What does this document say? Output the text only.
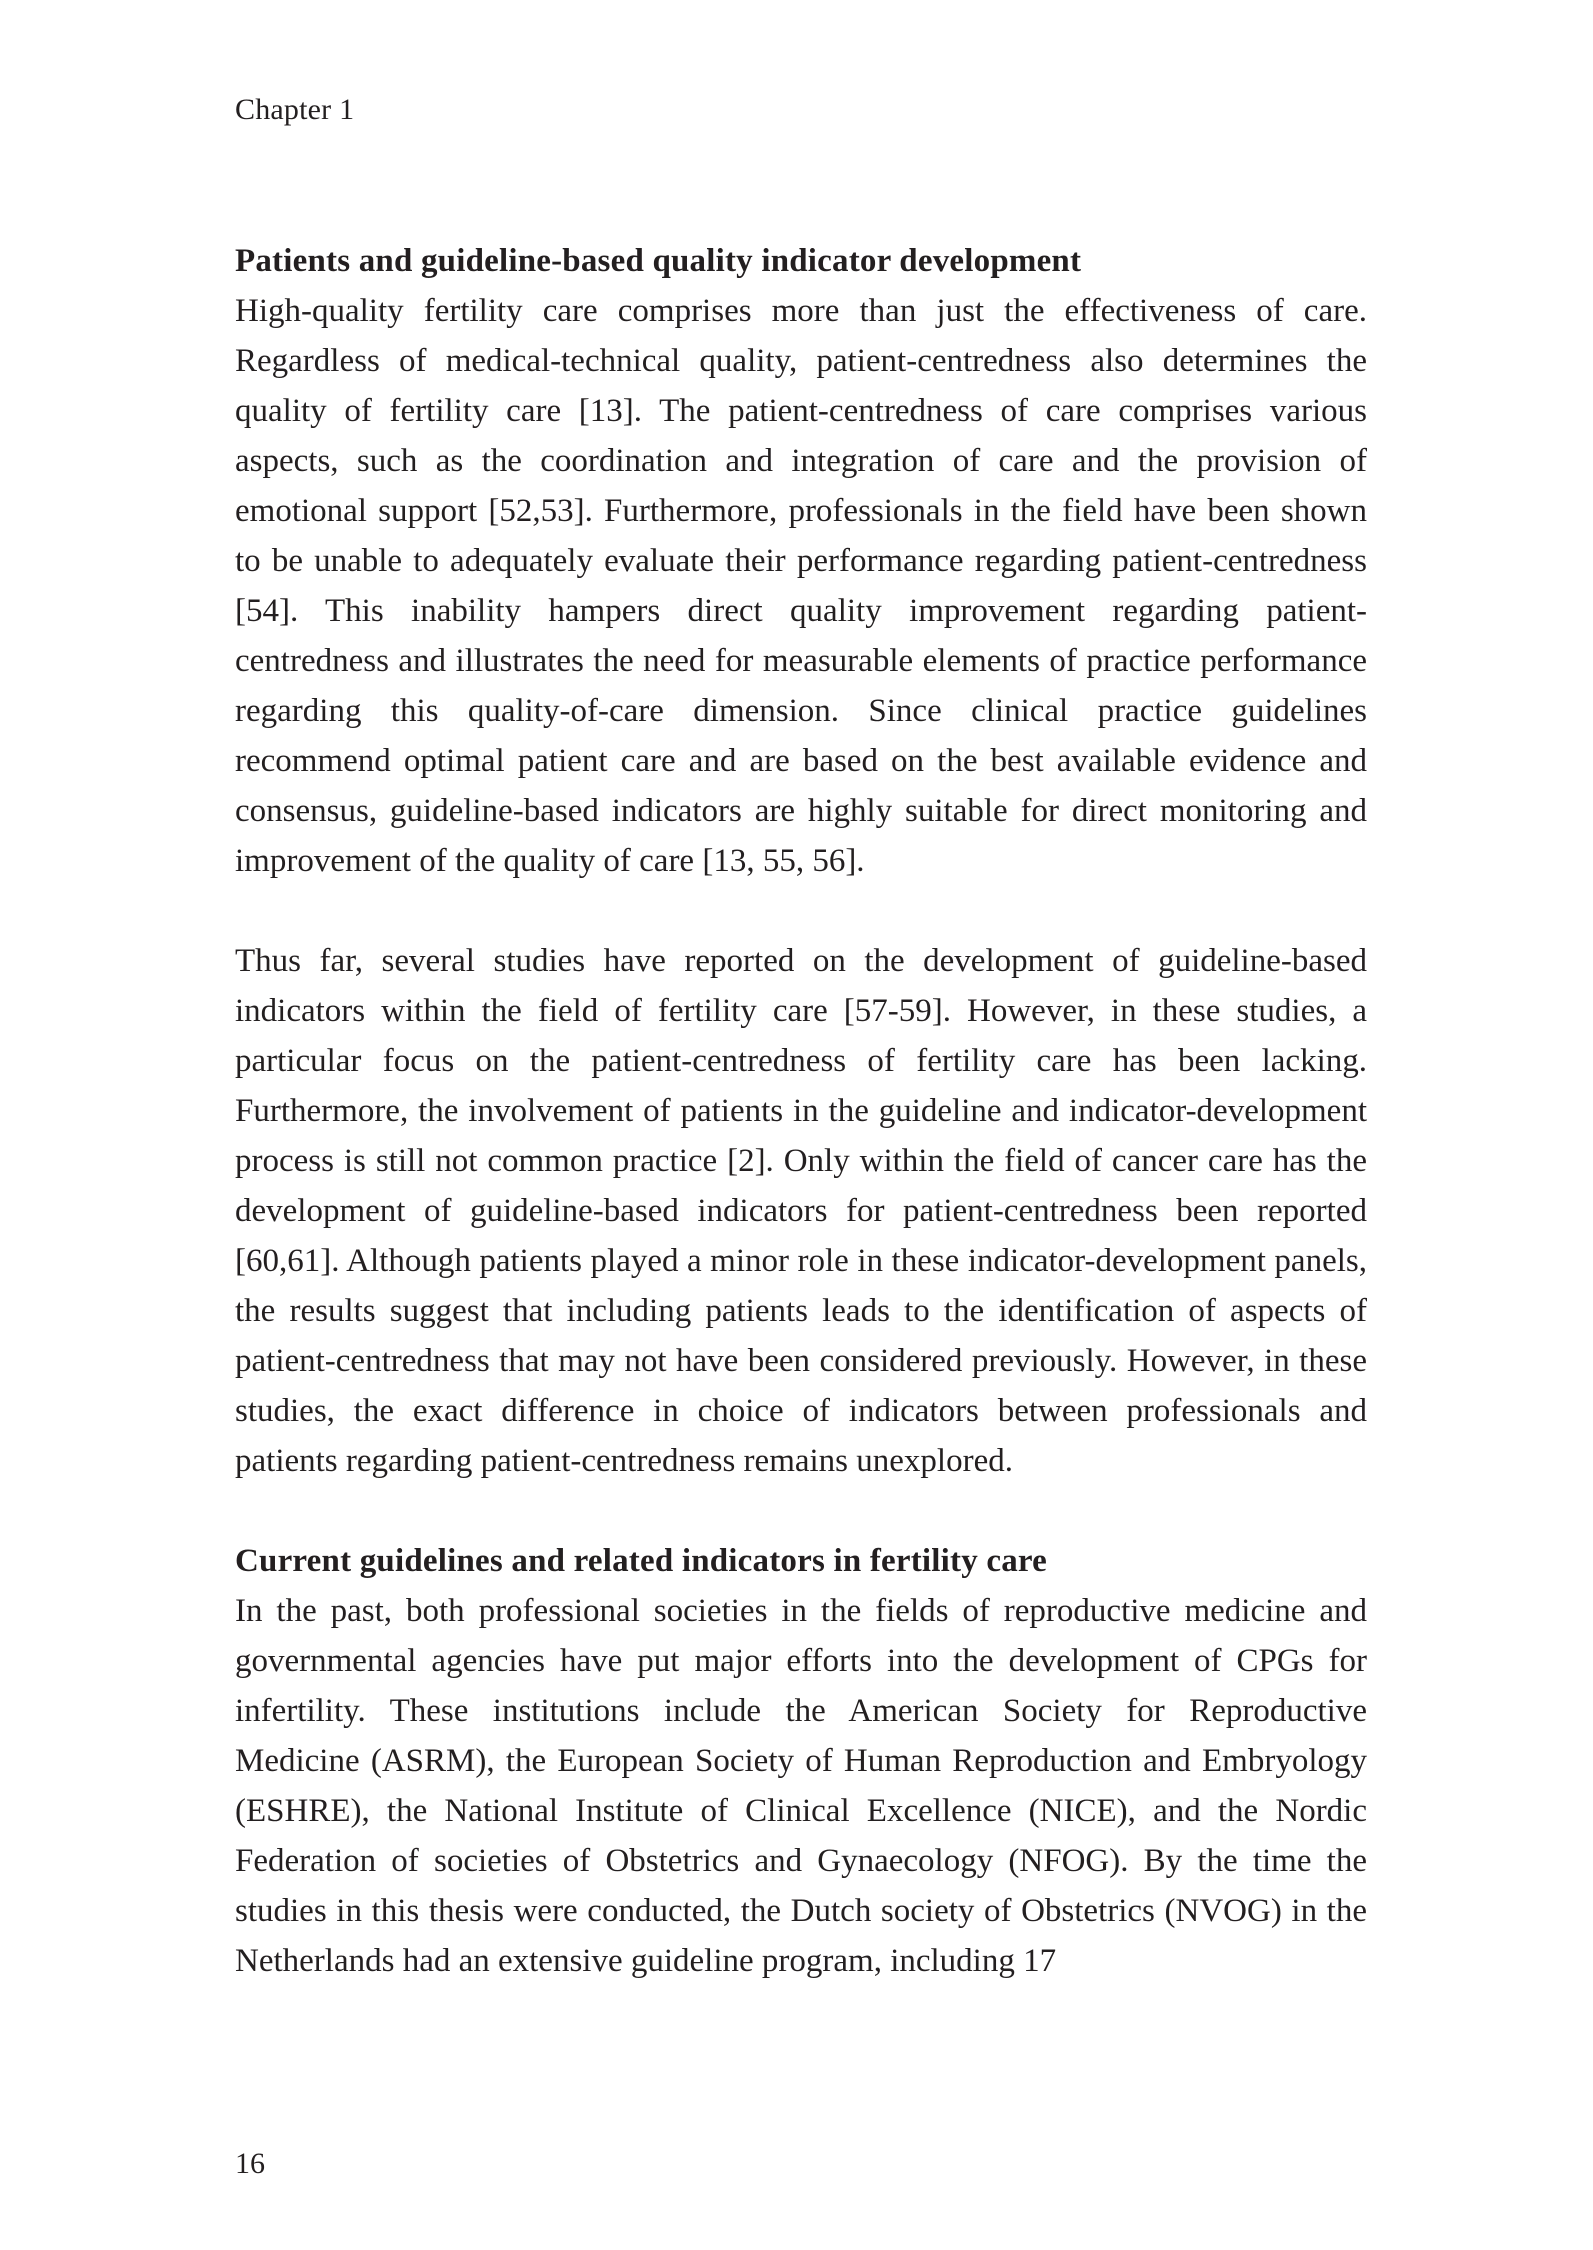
Chapter 1

Patients and guideline-based quality indicator development

High-quality fertility care comprises more than just the effectiveness of care. Regardless of medical-technical quality, patient-centredness also determines the quality of fertility care [13]. The patient-centredness of care comprises various aspects, such as the coordination and integration of care and the provision of emotional support [52,53]. Furthermore, professionals in the field have been shown to be unable to adequately evaluate their performance regarding patient-centredness [54]. This inability hampers direct quality improvement regarding patient-centredness and illustrates the need for measurable elements of practice performance regarding this quality-of-care dimension. Since clinical practice guidelines recommend optimal patient care and are based on the best available evidence and consensus, guideline-based indicators are highly suitable for direct monitoring and improvement of the quality of care [13, 55, 56].

Thus far, several studies have reported on the development of guideline-based indicators within the field of fertility care [57-59]. However, in these studies, a particular focus on the patient-centredness of fertility care has been lacking. Furthermore, the involvement of patients in the guideline and indicator-development process is still not common practice [2]. Only within the field of cancer care has the development of guideline-based indicators for patient-centredness been reported [60,61]. Although patients played a minor role in these indicator-development panels, the results suggest that including patients leads to the identification of aspects of patient-centredness that may not have been considered previously. However, in these studies, the exact difference in choice of indicators between professionals and patients regarding patient-centredness remains unexplored.

Current guidelines and related indicators in fertility care

In the past, both professional societies in the fields of reproductive medicine and governmental agencies have put major efforts into the development of CPGs for infertility. These institutions include the American Society for Reproductive Medicine (ASRM), the European Society of Human Reproduction and Embryology (ESHRE), the National Institute of Clinical Excellence (NICE), and the Nordic Federation of societies of Obstetrics and Gynaecology (NFOG). By the time the studies in this thesis were conducted, the Dutch society of Obstetrics (NVOG) in the Netherlands had an extensive guideline program, including 17

16
